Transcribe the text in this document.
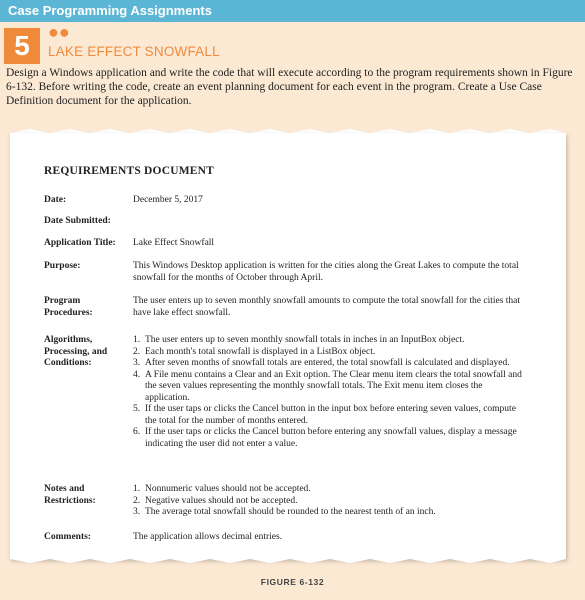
Case Programming Assignments
5	●●
LAKE EFFECT SNOWFALL
Design a Windows application and write the code that will execute according to the program requirements shown in Figure 6-132. Before writing the code, create an event planning document for each event in the program. Create a Use Case Definition document for the application.
REQUIREMENTS DOCUMENT
Date:	December 5, 2017
Date Submitted:
Application Title:	Lake Effect Snowfall
Purpose:	This Windows Desktop application is written for the cities along the Great Lakes to compute the total snowfall for the months of October through April.
Program
Procedures:
The user enters up to seven monthly snowfall amounts to compute the total snowfall for the cities that have lake effect snowfall.
Algorithms,
Processing, and
Conditions:
1. The user enters up to seven monthly snowfall totals in inches in an InputBox object.
2. Each month's total snowfall is displayed in a ListBox object.
3. After seven months of snowfall totals are entered, the total snowfall is calculated and displayed.
4. A File menu contains a Clear and an Exit option. The Clear menu item clears the total snowfall and the seven values representing the monthly snowfall totals. The Exit menu item closes the application.
5. If the user taps or clicks the Cancel button in the input box before entering seven values, compute the total for the number of months entered.
6. If the user taps or clicks the Cancel button before entering any snowfall values, display a message indicating the user did not enter a value.
Notes and
Restrictions:
1. Nonnumeric values should not be accepted.
2. Negative values should not be accepted.
3. The average total snowfall should be rounded to the nearest tenth of an inch.
Comments:	The application allows decimal entries.
FIGURE 6-132
